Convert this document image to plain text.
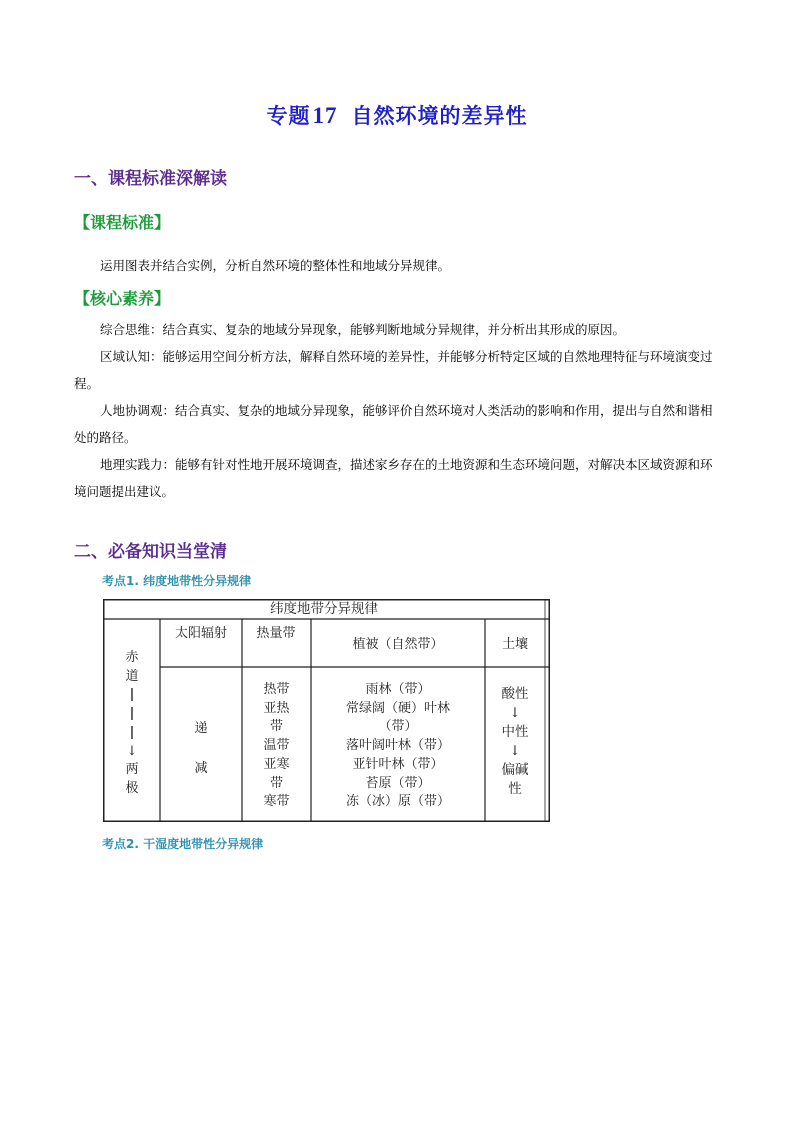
专题17 自然环境的差异性
一、课程标准深解读
【课程标准】
运用图表并结合实例，分析自然环境的整体性和地域分异规律。
【核心素养】
综合思维：结合真实、复杂的地域分异现象，能够判断地域分异规律，并分析出其形成的原因。
区域认知：能够运用空间分析方法，解释自然环境的差异性，并能够分析特定区域的自然地理特征与环境演变过程。
人地协调观：结合真实、复杂的地域分异现象，能够评价自然环境对人类活动的影响和作用，提出与自然和谐相处的路径。
地理实践力：能够有针对性地开展环境调查，描述家乡存在的土地资源和生态环境问题，对解决本区域资源和环境问题提出建议。
二、必备知识当堂清
考点1. 纬度地带性分异规律
纬度地带分异规律
太阳辐射	热量带
植被（自然带）	土壤
赤
道
|
|
|
↓
两
极
递
减
热带
亚热
带
温带
亚寒
带
寒带
雨林（带）
常绿阔（硬）叶林
（带）
落叶阔叶林（带）
亚针叶林（带）
苔原（带）
冻（冰）原（带）
酸性
↓
中性
↓
偏碱
性
考点2. 干湿度地带性分异规律
